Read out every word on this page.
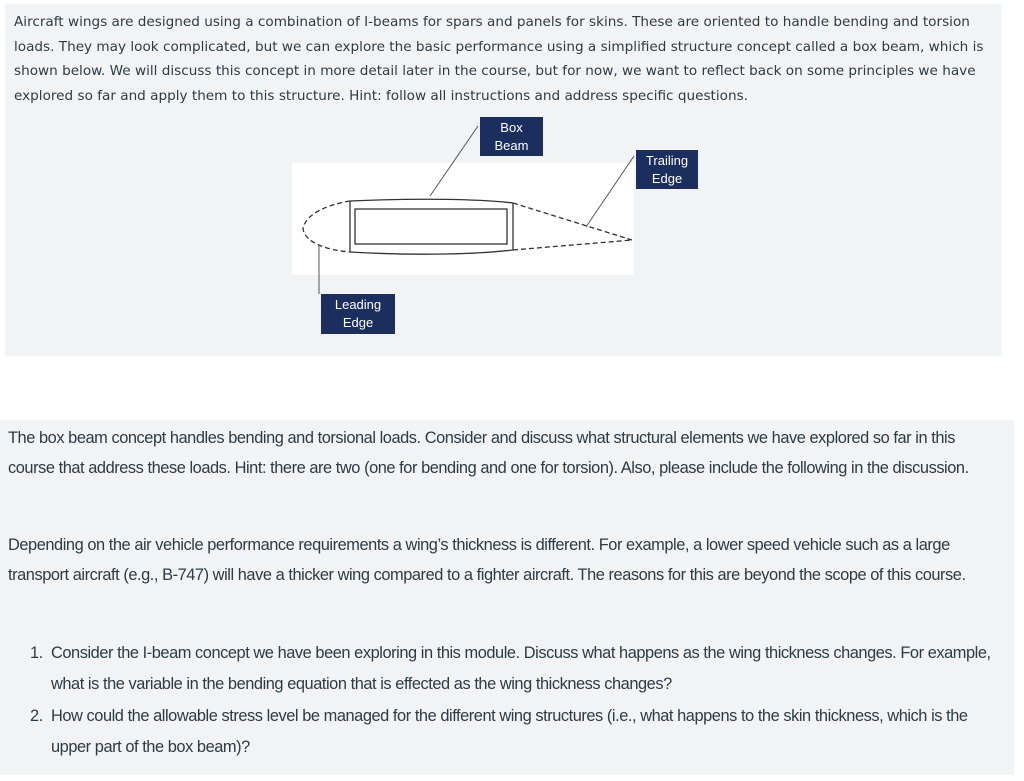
Aircraft wings are designed using a combination of I-beams for spars and panels for skins. These are oriented to handle bending and torsion loads. They may look complicated, but we can explore the basic performance using a simplified structure concept called a box beam, which is shown below. We will discuss this concept in more detail later in the course, but for now, we want to reflect back on some principles we have explored so far and apply them to this structure. Hint: follow all instructions and address specific questions.

Box
Beam
Trailing
Edge
Leading
Edge

The box beam concept handles bending and torsional loads. Consider and discuss what structural elements we have explored so far in this course that address these loads. Hint: there are two (one for bending and one for torsion). Also, please include the following in the discussion.

Depending on the air vehicle performance requirements a wing’s thickness is different. For example, a lower speed vehicle such as a large transport aircraft (e.g., B-747) will have a thicker wing compared to a fighter aircraft. The reasons for this are beyond the scope of this course.

1. Consider the I-beam concept we have been exploring in this module. Discuss what happens as the wing thickness changes. For example, what is the variable in the bending equation that is effected as the wing thickness changes?
2. How could the allowable stress level be managed for the different wing structures (i.e., what happens to the skin thickness, which is the upper part of the box beam)?
